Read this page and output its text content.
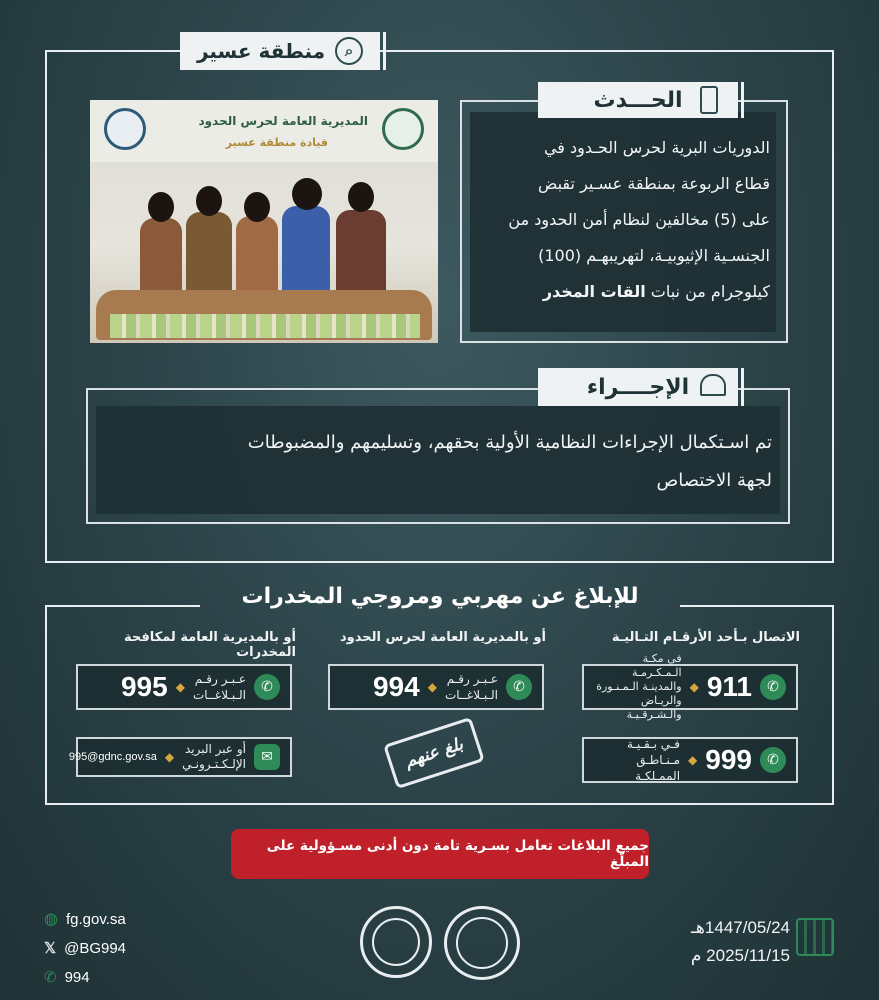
⌕
منطقة عسير
المديرية العامة لحرس الحدود
قيادة منطقة عسير
الحـــدث
الدوريات البرية لحرس الحـدود في
قطاع الربوعة بمنطقة عسـير تقبض
على (5) مخالفين لنظام أمن الحدود من
الجنسـية الإثيوبيـة، لتهريبهـم (100)
كيلوجرام من نبات القات المخدر
الإجــــراء
تم اسـتكمال الإجراءات النظامية الأولية بحقهم، وتسليمهم والمضبوطات
لجهة الاختصاص
للإبلاغ عن مهربي ومروجي المخدرات
الاتصال بـأحد الأرقـام التـاليـة
أو بالمديرية العامة لحرس الحدود
أو بالمديرية العامة لمكافحة المخدرات
✆
911
◆
في مكـة الـمـكـرمـة
والمدينـة الـمـنـورة
والريـاض والـشـرقـيـة
✆
999
◆
فـي بـقـيـة
مـنـاطـق الممـلكـة
✆
عـبـر رقـم
الـبـلاغــات
◆
994
بلغ عنهم
✆
عـبـر رقـم
الـبـلاغــات
◆
995
✉
أو عبر البريد
الإلـكـتـرونـي
◆
995@gdnc.gov.sa
جميع البلاغات تعامل بسـرية تامة دون أدنى مسـؤولية على المبلّغ
◍ fg.gov.sa
𝕏 @BG994
✆ 994
1447/05/24هـ
2025/11/15 م
